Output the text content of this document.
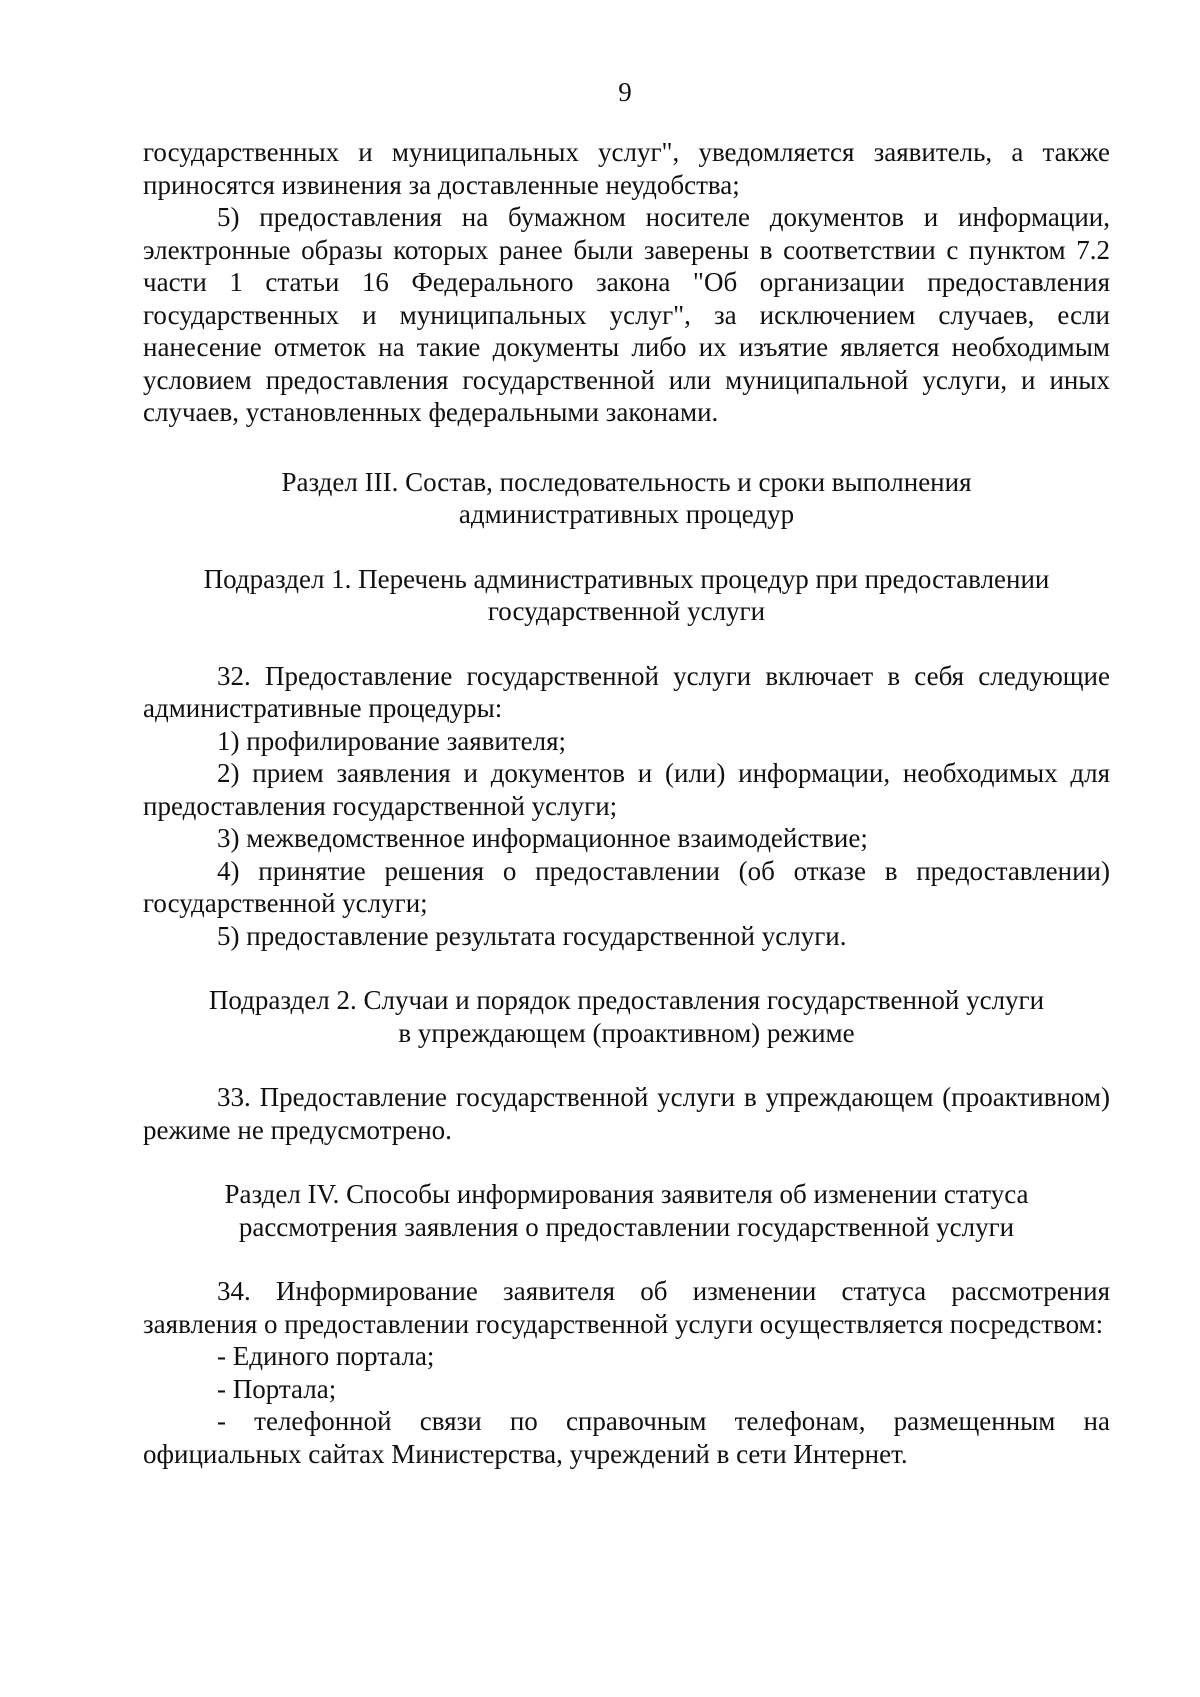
9

государственных и муниципальных услуг", уведомляется заявитель, а также приносятся извинения за доставленные неудобства;

5) предоставления на бумажном носителе документов и информации, электронные образы которых ранее были заверены в соответствии с пунктом 7.2 части 1 статьи 16 Федерального закона "Об организации предоставления государственных и муниципальных услуг", за исключением случаев, если нанесение отметок на такие документы либо их изъятие является необходимым условием предоставления государственной или муниципальной услуги, и иных случаев, установленных федеральными законами.

Раздел III. Состав, последовательность и сроки выполнения

административных процедур

Подраздел 1. Перечень административных процедур при предоставлении

государственной услуги

32. Предоставление государственной услуги включает в себя следующие административные процедуры:

1) профилирование заявителя;

2) прием заявления и документов и (или) информации, необходимых для предоставления государственной услуги;

3) межведомственное информационное взаимодействие;

4) принятие решения о предоставлении (об отказе в предоставлении) государственной услуги;

5) предоставление результата государственной услуги.

Подраздел 2. Случаи и порядок предоставления государственной услуги

в упреждающем (проактивном) режиме

33. Предоставление государственной услуги в упреждающем (проактивном) режиме не предусмотрено.

Раздел IV. Способы информирования заявителя об изменении статуса

рассмотрения заявления о предоставлении государственной услуги

34. Информирование заявителя об изменении статуса рассмотрения заявления о предоставлении государственной услуги осуществляется посредством:

- Единого портала;

- Портала;

- телефонной связи по справочным телефонам, размещенным на официальных сайтах Министерства, учреждений в сети Интернет.
